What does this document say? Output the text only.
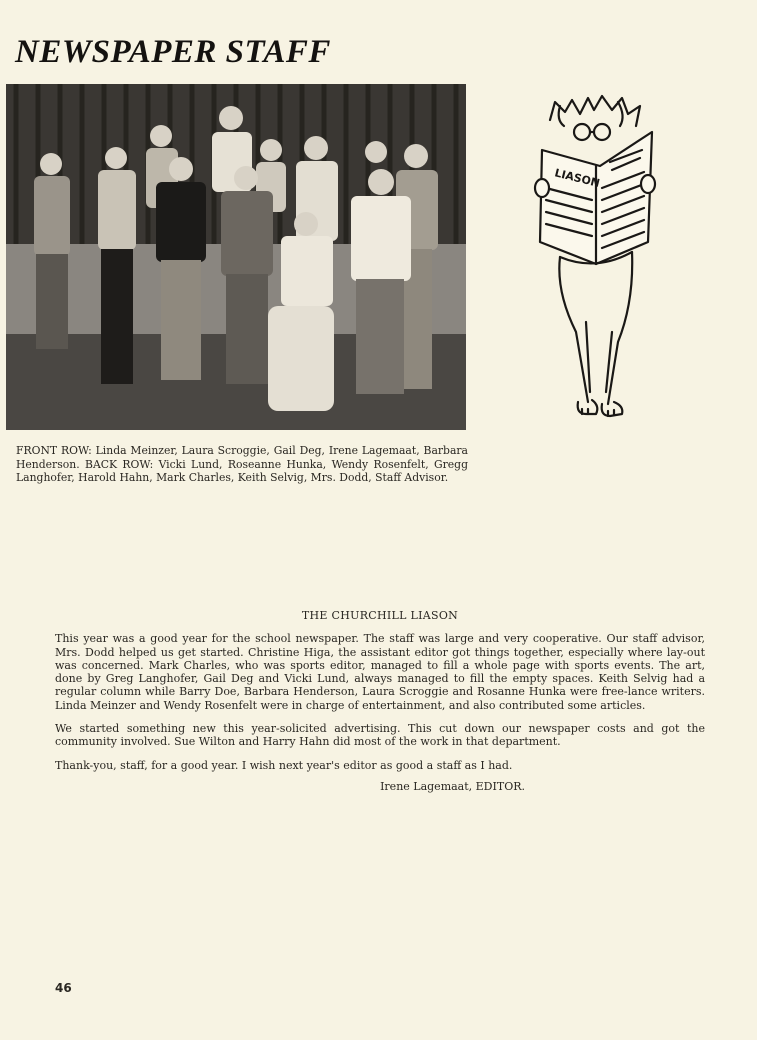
NEWSPAPER STAFF
LIASON

FRONT ROW: Linda Meinzer, Laura Scroggie, Gail Deg, Irene Lagemaat, Barbara Henderson. BACK ROW: Vicki Lund, Roseanne Hunka, Wendy Rosenfelt, Gregg Langhofer, Harold Hahn, Mark Charles, Keith Selvig, Mrs. Dodd, Staff Advisor.

THE CHURCHILL LIASON

This year was a good year for the school newspaper. The staff was large and very cooperative. Our staff advisor, Mrs. Dodd helped us get started. Christine Higa, the assistant editor got things together, especially where lay-out was concerned. Mark Charles, who was sports editor, managed to fill a whole page with sports events. The art, done by Greg Langhofer, Gail Deg and Vicki Lund, always managed to fill the empty spaces. Keith Selvig had a regular column while Barry Doe, Barbara Henderson, Laura Scroggie and Rosanne Hunka were free-lance writers. Linda Meinzer and Wendy Rosenfelt were in charge of entertainment, and also contributed some articles.

We started something new this year-solicited advertising. This cut down our newspaper costs and got the community involved. Sue Wilton and Harry Hahn did most of the work in that department.

Thank-you, staff, for a good year. I wish next year's editor as good a staff as I had.

Irene Lagemaat, EDITOR.

46
